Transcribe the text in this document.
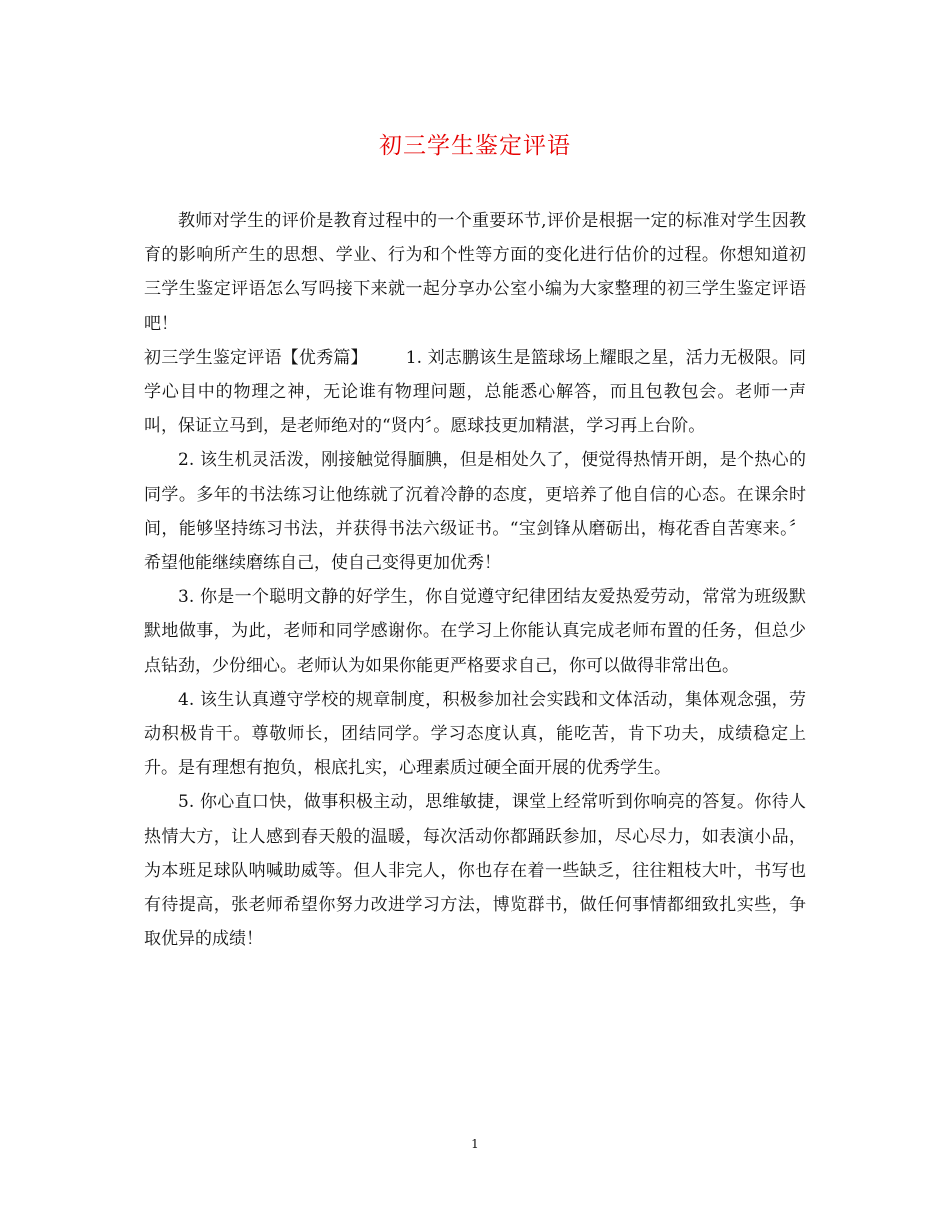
初三学生鉴定评语

教师对学生的评价是教育过程中的一个重要环节,评价是根据一定的标准对学生因教育的影响所产生的思想、学业、行为和个性等方面的变化进行估价的过程。你想知道初三学生鉴定评语怎么写吗接下来就一起分享办公室小编为大家整理的初三学生鉴定评语吧！

初三学生鉴定评语【优秀篇】 1. 刘志鹏该生是篮球场上耀眼之星，活力无极限。同学心目中的物理之神，无论谁有物理问题，总能悉心解答，而且包教包会。老师一声叫，保证立马到，是老师绝对的“贤内〞。愿球技更加精湛，学习再上台阶。

2. 该生机灵活泼，刚接触觉得腼腆，但是相处久了，便觉得热情开朗，是个热心的同学。多年的书法练习让他练就了沉着冷静的态度，更培养了他自信的心态。在课余时间，能够坚持练习书法，并获得书法六级证书。“宝剑锋从磨砺出，梅花香自苦寒来。〞希望他能继续磨练自己，使自己变得更加优秀！

3. 你是一个聪明文静的好学生，你自觉遵守纪律团结友爱热爱劳动，常常为班级默默地做事，为此，老师和同学感谢你。在学习上你能认真完成老师布置的任务，但总少点钻劲，少份细心。老师认为如果你能更严格要求自己，你可以做得非常出色。

4. 该生认真遵守学校的规章制度，积极参加社会实践和文体活动，集体观念强，劳动积极肯干。尊敬师长，团结同学。学习态度认真，能吃苦，肯下功夫，成绩稳定上升。是有理想有抱负，根底扎实，心理素质过硬全面开展的优秀学生。

5. 你心直口快，做事积极主动，思维敏捷，课堂上经常听到你响亮的答复。你待人热情大方，让人感到春天般的温暖，每次活动你都踊跃参加，尽心尽力，如表演小品，为本班足球队呐喊助威等。但人非完人，你也存在着一些缺乏，往往粗枝大叶，书写也有待提高，张老师希望你努力改进学习方法，博览群书，做任何事情都细致扎实些，争取优异的成绩！

1
